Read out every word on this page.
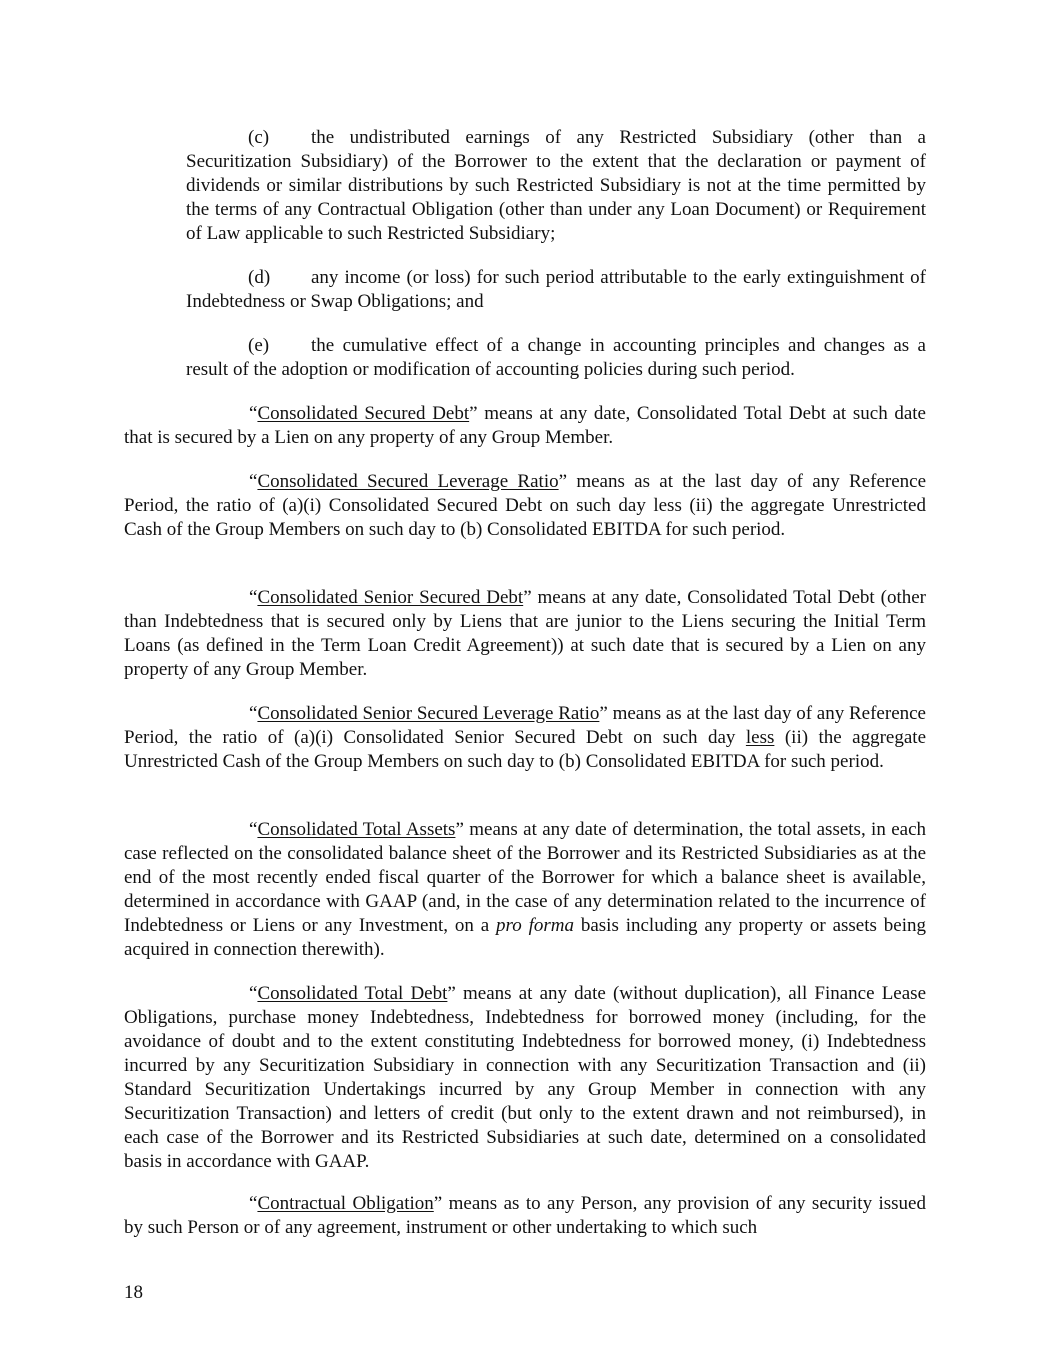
(c) the undistributed earnings of any Restricted Subsidiary (other than a Securitization Subsidiary) of the Borrower to the extent that the declaration or payment of dividends or similar distributions by such Restricted Subsidiary is not at the time permitted by the terms of any Contractual Obligation (other than under any Loan Document) or Requirement of Law applicable to such Restricted Subsidiary;
(d) any income (or loss) for such period attributable to the early extinguishment of Indebtedness or Swap Obligations; and
(e) the cumulative effect of a change in accounting principles and changes as a result of the adoption or modification of accounting policies during such period.
“Consolidated Secured Debt” means at any date, Consolidated Total Debt at such date that is secured by a Lien on any property of any Group Member.
“Consolidated Secured Leverage Ratio” means as at the last day of any Reference Period, the ratio of (a)(i) Consolidated Secured Debt on such day less (ii) the aggregate Unrestricted Cash of the Group Members on such day to (b) Consolidated EBITDA for such period.
“Consolidated Senior Secured Debt” means at any date, Consolidated Total Debt (other than Indebtedness that is secured only by Liens that are junior to the Liens securing the Initial Term Loans (as defined in the Term Loan Credit Agreement)) at such date that is secured by a Lien on any property of any Group Member.
“Consolidated Senior Secured Leverage Ratio” means as at the last day of any Reference Period, the ratio of (a)(i) Consolidated Senior Secured Debt on such day less (ii) the aggregate Unrestricted Cash of the Group Members on such day to (b) Consolidated EBITDA for such period.
“Consolidated Total Assets” means at any date of determination, the total assets, in each case reflected on the consolidated balance sheet of the Borrower and its Restricted Subsidiaries as at the end of the most recently ended fiscal quarter of the Borrower for which a balance sheet is available, determined in accordance with GAAP (and, in the case of any determination related to the incurrence of Indebtedness or Liens or any Investment, on a pro forma basis including any property or assets being acquired in connection therewith).
“Consolidated Total Debt” means at any date (without duplication), all Finance Lease Obligations, purchase money Indebtedness, Indebtedness for borrowed money (including, for the avoidance of doubt and to the extent constituting Indebtedness for borrowed money, (i) Indebtedness incurred by any Securitization Subsidiary in connection with any Securitization Transaction and (ii) Standard Securitization Undertakings incurred by any Group Member in connection with any Securitization Transaction) and letters of credit (but only to the extent drawn and not reimbursed), in each case of the Borrower and its Restricted Subsidiaries at such date, determined on a consolidated basis in accordance with GAAP.
“Contractual Obligation” means as to any Person, any provision of any security issued by such Person or of any agreement, instrument or other undertaking to which such
18
